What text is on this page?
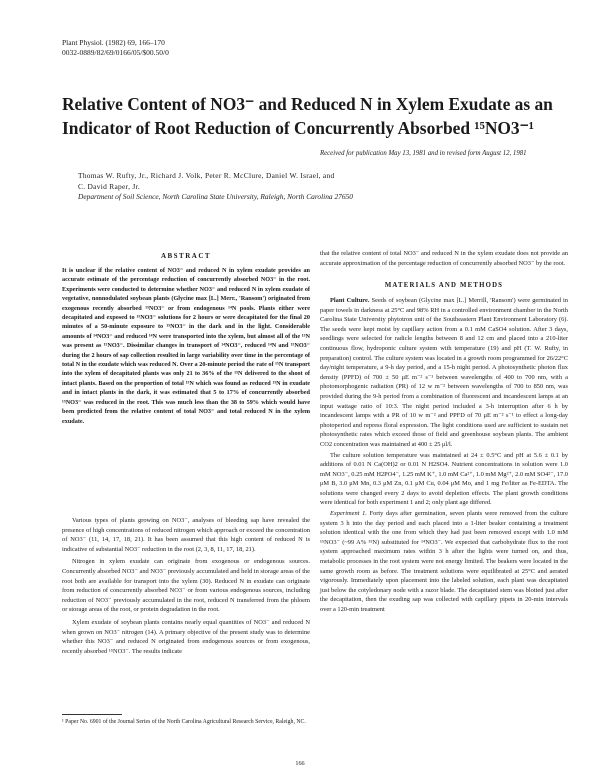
Plant Physiol. (1982) 69, 166–170
0032-0889/82/69/0166/05/$00.50/0
Relative Content of NO3⁻ and Reduced N in Xylem Exudate as an Indicator of Root Reduction of Concurrently Absorbed ¹⁵NO3⁻¹
Received for publication May 13, 1981 and in revised form August 12, 1981
Thomas W. Rufty, Jr., Richard J. Volk, Peter R. McClure, Daniel W. Israel, and
C. David Raper, Jr.
Department of Soil Science, North Carolina State University, Raleigh, North Carolina 27650
ABSTRACT
It is unclear if the relative content of NO3⁻ and reduced N in xylem exudate provides an accurate estimate of the percentage reduction of concurrently absorbed NO3⁻ in the root. Experiments were conducted to determine whether NO3⁻ and reduced N in xylem exudate of vegetative, nonnodulated soybean plants (Glycine max [L.] Merr., 'Ransom') originated from exogenous recently absorbed ¹⁵NO3⁻ or from endogenous ¹⁴N pools. Plants either were decapitated and exposed to ¹⁵NO3⁻ solutions for 2 hours or were decapitated for the final 20 minutes of a 50-minute exposure to ¹⁵NO3⁻ in the dark and in the light. Considerable amounts of ¹⁴NO3⁻ and reduced ¹⁴N were transported into the xylem, but almost all of the ¹⁵N was present as ¹⁵NO3⁻. Dissimilar changes in transport of ¹⁴NO3⁻, reduced ¹⁴N and ¹⁵NO3⁻ during the 2 hours of sap collection resulted in large variability over time in the percentage of total N in the exudate which was reduced N. Over a 20-minute period the rate of ¹⁵N transport into the xylem of decapitated plants was only 21 to 36% of the ¹⁵N delivered to the shoot of intact plants. Based on the proportion of total ¹⁵N which was found as reduced ¹⁵N in exudate and in intact plants in the dark, it was estimated that 5 to 17% of concurrently absorbed ¹⁵NO3⁻ was reduced in the root. This was much less than the 38 to 59% which would have been predicted from the relative content of total NO3⁻ and total reduced N in the xylem exudate.

Various types of plants growing on NO3⁻, analyses of bleeding sap have revealed the presence of high concentrations of reduced nitrogen which approach or exceed the concentration of NO3⁻ (11, 14, 17, 18, 21). It has been assumed that this high content of reduced N is indicative of substantial NO3⁻ reduction in the root (2, 3, 8, 11, 17, 18, 21).

Nitrogen in xylem exudate can originate from exogenous or endogenous sources. Concurrently absorbed NO3⁻ and NO3⁻ previously accumulated and held in storage areas of the root both are available for transport into the xylem (30). Reduced N in exudate can originate from reduction of concurrently absorbed NO3⁻ or from various endogenous sources, including reduction of NO3⁻ previously accumulated in the root, reduced N transferred from the phloem or storage areas of the root, or protein degradation in the root.

Xylem exudate of soybean plants contains nearly equal quantities of NO3⁻ and reduced N when grown on NO3⁻ nitrogen (14). A primary objective of the present study was to determine whether this NO3⁻ and reduced N originated from endogenous sources or from exogenous, recently absorbed ¹⁵NO3⁻. The results indicate

¹ Paper No. 6901 of the Journal Series of the North Carolina Agricultural Research Service, Raleigh, NC.
that the relative content of total NO3⁻ and reduced N in the xylem exudate does not provide an accurate approximation of the percentage reduction of concurrently absorbed NO3⁻ by the root.
MATERIALS AND METHODS

Plant Culture. Seeds of soybean (Glycine max [L.] Merrill, 'Ransom') were germinated in paper towels in darkness at 25°C and 98% RH in a controlled environment chamber in the North Carolina State University phytotron unit of the Southeastern Plant Environment Laboratory (6). The seeds were kept moist by capillary action from a 0.1 mM CaSO4 solution. After 3 days, seedlings were selected for radicle lengths between 8 and 12 cm and placed into a 210-liter continuous flow, hydroponic culture system with temperature (19) and pH (T. W. Rufty, in preparation) control. The culture system was located in a growth room programmed for 26/22°C day/night temperature, a 9-h day period, and a 15-h night period. A photosynthetic photon flux density (PPFD) of 700 ± 50 μE m⁻² s⁻¹ between wavelengths of 400 to 700 nm, with a photomorphogenic radiation (PR) of 12 w m⁻² between wavelengths of 700 to 850 nm, was provided during the 9-h period from a combination of fluorescent and incandescent lamps at an input wattage ratio of 10:3. The night period included a 3-h interruption after 6 h by incandescent lamps with a PR of 10 w m⁻² and PPFD of 70 μE m⁻² s⁻¹ to effect a long-day photoperiod and repress floral expression. The light conditions used are sufficient to sustain net photosynthetic rates which exceed those of field and greenhouse soybean plants. The ambient CO2 concentration was maintained at 400 ± 25 μl/l.

The culture solution temperature was maintained at 24 ± 0.5°C and pH at 5.6 ± 0.1 by additions of 0.01 N Ca(OH)2 or 0.01 N H2SO4. Nutrient concentrations in solution were 1.0 mM NO3⁻, 0.25 mM H2PO4⁻, 1.25 mM K⁺, 1.0 mM Ca²⁺, 1.0 mM Mg²⁺, 2.0 mM SO4²⁻, 17.0 μM B, 3.0 μM Mn, 0.3 μM Zn, 0.1 μM Cu, 0.04 μM Mo, and 1 mg Fe/liter as Fe-EDTA. The solutions were changed every 2 days to avoid depletion effects. The plant growth conditions were identical for both experiment 1 and 2; only plant age differed.

Experiment 1. Forty days after germination, seven plants were removed from the culture system 3 h into the day period and each placed into a 1-liter beaker containing a treatment solution identical with the one from which they had just been removed except with 1.0 mM ¹⁵NO3⁻ (~99 A% ¹⁵N) substituted for ¹⁴NO3⁻. We expected that carbohydrate flux to the root system approached maximum rates within 3 h after the lights were turned on, and thus, metabolic processes in the root system were not energy limited. The beakers were located in the same growth room as before. The treatment solutions were equilibrated at 25°C and aerated vigorously. Immediately upon placement into the labeled solution, each plant was decapitated just below the cotyledonary node with a razor blade. The decapitated stem was blotted just after the decapitation, then the exuding sap was collected with capillary pipets in 20-min intervals over a 120-min treatment

166
